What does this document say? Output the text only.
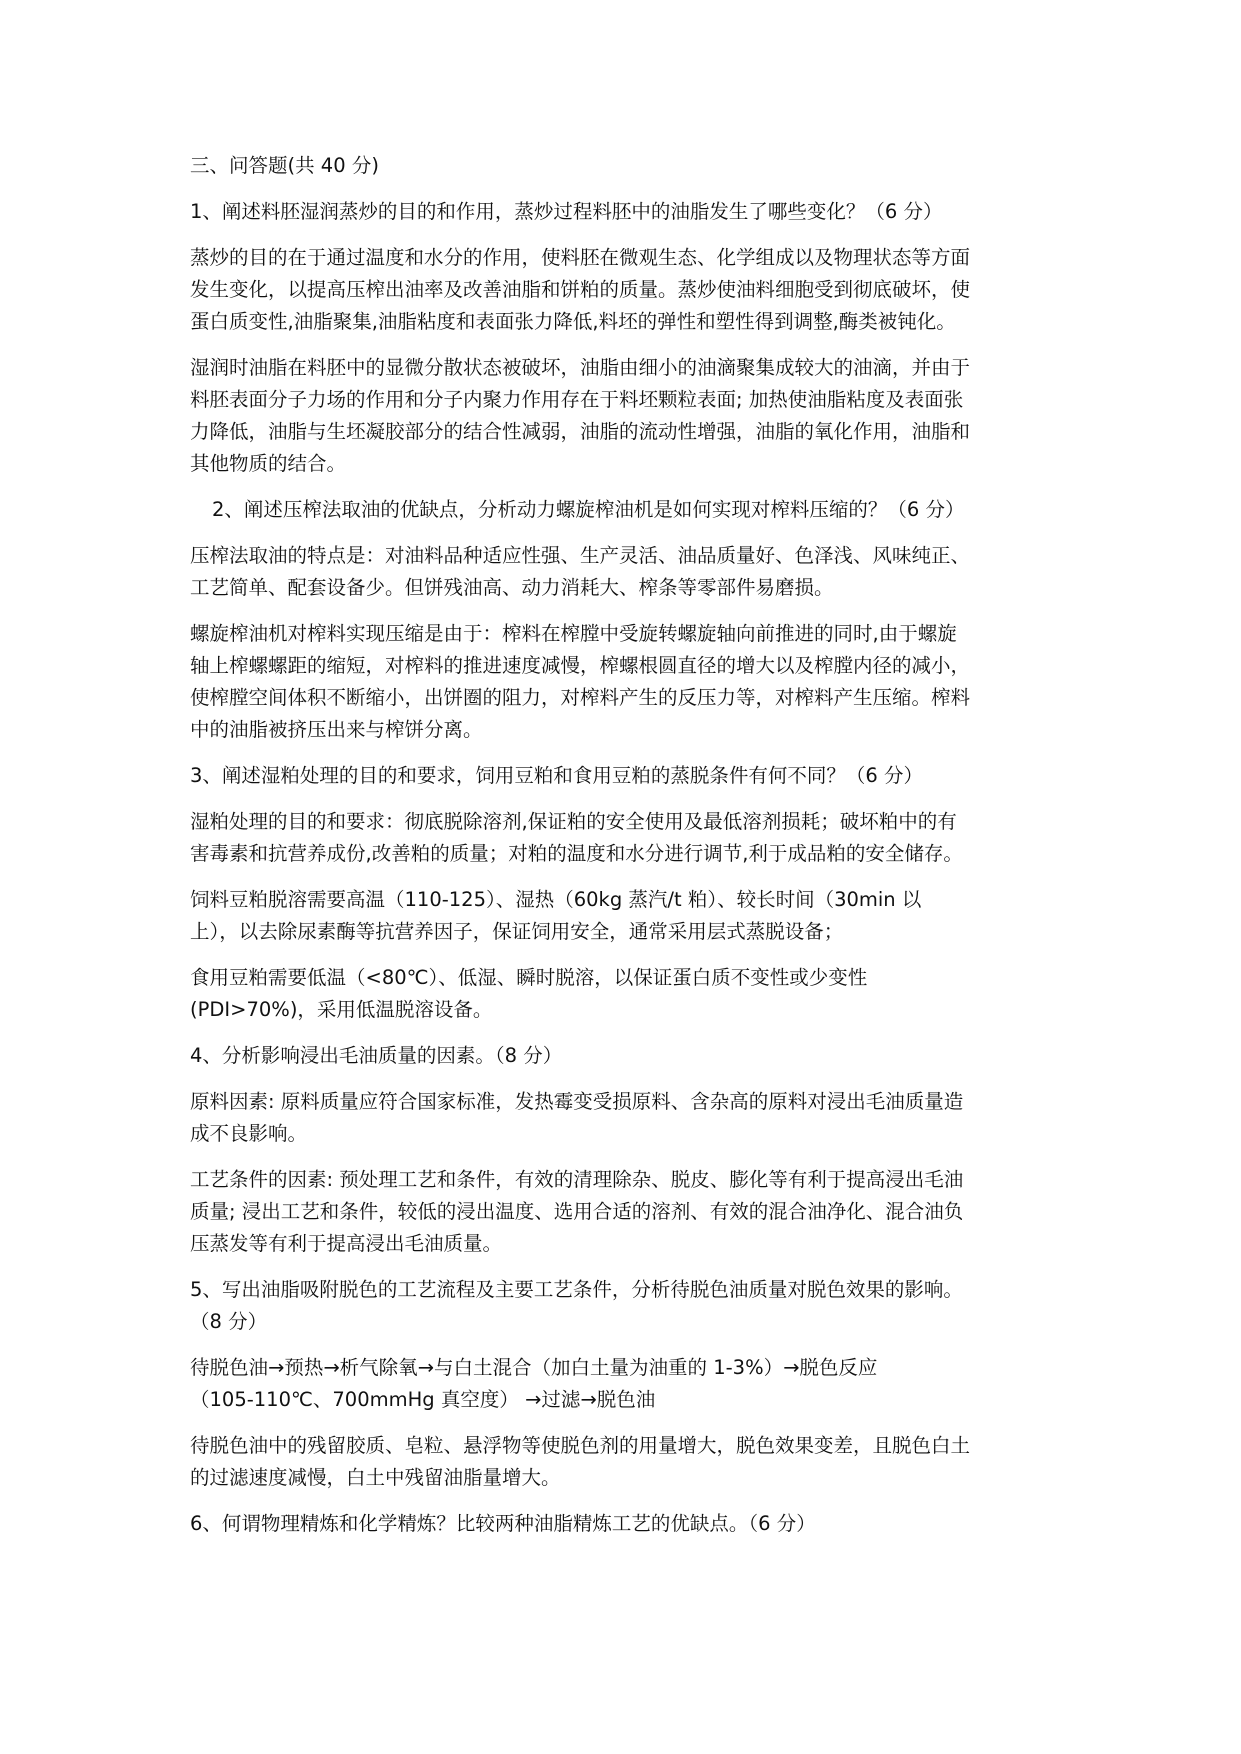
三、问答题(共 40 分)
1、阐述料胚湿润蒸炒的目的和作用，蒸炒过程料胚中的油脂发生了哪些变化？（6 分）
蒸炒的目的在于通过温度和水分的作用，使料胚在微观生态、化学组成以及物理状态等方面
发生变化，以提高压榨出油率及改善油脂和饼粕的质量。蒸炒使油料细胞受到彻底破坏，使
蛋白质变性,油脂聚集,油脂粘度和表面张力降低,料坯的弹性和塑性得到调整,酶类被钝化。
湿润时油脂在料胚中的显微分散状态被破坏，油脂由细小的油滴聚集成较大的油滴，并由于
料胚表面分子力场的作用和分子内聚力作用存在于料坯颗粒表面; 加热使油脂粘度及表面张
力降低，油脂与生坯凝胶部分的结合性减弱，油脂的流动性增强，油脂的氧化作用，油脂和
其他物质的结合。
2、阐述压榨法取油的优缺点，分析动力螺旋榨油机是如何实现对榨料压缩的？（6 分）
压榨法取油的特点是：对油料品种适应性强、生产灵活、油品质量好、色泽浅、风味纯正、
工艺简单、配套设备少。但饼残油高、动力消耗大、榨条等零部件易磨损。
螺旋榨油机对榨料实现压缩是由于：榨料在榨膛中受旋转螺旋轴向前推进的同时,由于螺旋
轴上榨螺螺距的缩短，对榨料的推进速度减慢，榨螺根圆直径的增大以及榨膛内径的减小，
使榨膛空间体积不断缩小，出饼圈的阻力，对榨料产生的反压力等，对榨料产生压缩。榨料
中的油脂被挤压出来与榨饼分离。
3、阐述湿粕处理的目的和要求，饲用豆粕和食用豆粕的蒸脱条件有何不同？（6 分）
湿粕处理的目的和要求：彻底脱除溶剂,保证粕的安全使用及最低溶剂损耗；破坏粕中的有
害毒素和抗营养成份,改善粕的质量；对粕的温度和水分进行调节,利于成品粕的安全储存。
饲料豆粕脱溶需要高温（110-125）、湿热（60kg 蒸汽/t 粕）、较长时间（30min 以
上），以去除尿素酶等抗营养因子，保证饲用安全，通常采用层式蒸脱设备；
食用豆粕需要低温（<80℃）、低湿、瞬时脱溶，以保证蛋白质不变性或少变性
(PDI>70%)，采用低温脱溶设备。
4、分析影响浸出毛油质量的因素。（8 分）
原料因素: 原料质量应符合国家标准，发热霉变受损原料、含杂高的原料对浸出毛油质量造
成不良影响。
工艺条件的因素: 预处理工艺和条件，有效的清理除杂、脱皮、膨化等有利于提高浸出毛油
质量; 浸出工艺和条件，较低的浸出温度、选用合适的溶剂、有效的混合油净化、混合油负
压蒸发等有利于提高浸出毛油质量。
5、写出油脂吸附脱色的工艺流程及主要工艺条件，分析待脱色油质量对脱色效果的影响。
（8 分）
待脱色油→预热→析气除氧→与白土混合（加白土量为油重的 1-3%）→脱色反应
（105-110℃、700mmHg 真空度） →过滤→脱色油
待脱色油中的残留胶质、皂粒、悬浮物等使脱色剂的用量增大，脱色效果变差，且脱色白土
的过滤速度减慢，白土中残留油脂量增大。
6、何谓物理精炼和化学精炼？比较两种油脂精炼工艺的优缺点。（6 分）
